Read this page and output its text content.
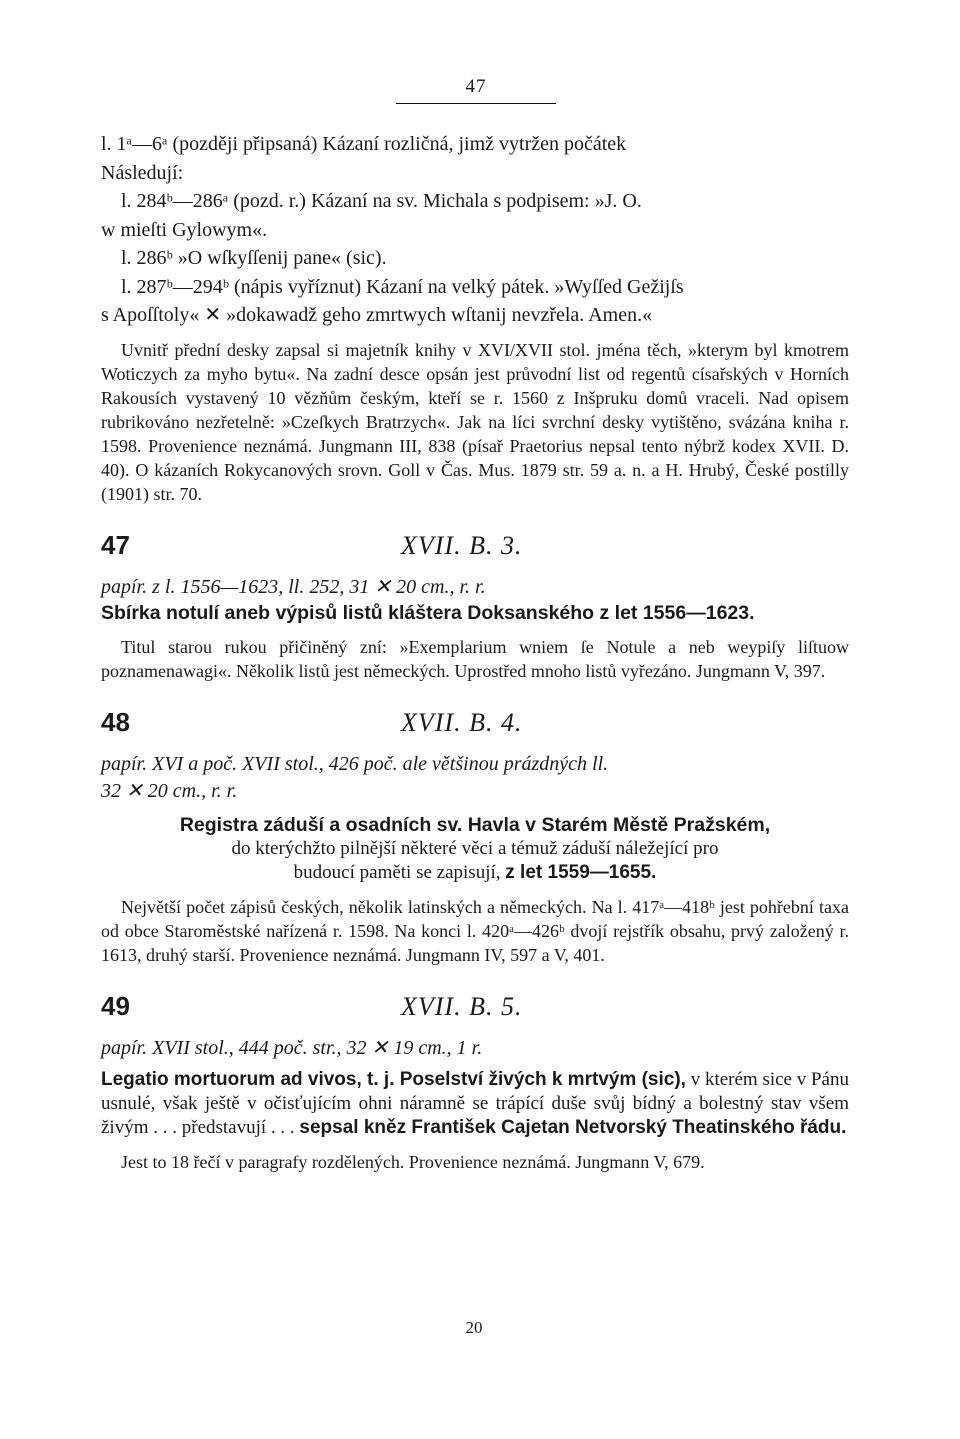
47

l. 1ᵃ—6ᵃ (později připsaná) Kázaní rozličná, jimž vytržen počátek

Následují:

l. 284ᵇ—286ᵃ (pozd. r.) Kázaní na sv. Michala s podpisem: »J. O.

w mieſti Gylowym«.

l. 286ᵇ »O wſkyſſenij pane« (sic).

l. 287ᵇ—294ᵇ (nápis vyříznut) Kázaní na velký pátek. »Wyſſed Gežijſs

s Apoſſtoly« ✕ »dokawadž geho zmrtwych wſtanij nevzřela. Amen.«

Uvnitř přední desky zapsal si majetník knihy v XVI/XVII stol. jména těch, »kterym byl kmotrem Woticzych za myho bytu«. Na zadní desce opsán jest průvodní list od regentů císařských v Horních Rakousích vystavený 10 vězňům českým, kteří se r. 1560 z Inšpruku domů vraceli. Nad opisem rubrikováno nezřetelně: »Czeſkych Bratrzych«. Jak na líci svrchní desky vytištěno, svázána kniha r. 1598. Provenience neznámá. Jungmann III, 838 (písař Praetorius nepsal tento nýbrž kodex XVII. D. 40). O kázaních Rokycanových srovn. Goll v Čas. Mus. 1879 str. 59 a. n. a H. Hrubý, České postilly (1901) str. 70.

47	XVII. B. 3.

papír. z l. 1556—1623, ll. 252, 31 ✕ 20 cm., r. r.

Sbírka notulí aneb výpisů listů kláštera Doksanského z let 1556—1623.

Titul starou rukou přičiněný zní: »Exemplarium wniem ſe Notule a neb weypiſy liſtuow poznamenawagi«. Několik listů jest německých. Uprostřed mnoho listů vyřezáno. Jungmann V, 397.

48	XVII. B. 4.

papír. XVI a poč. XVII stol., 426 poč. ale většinou prázdných ll.

32 ✕ 20 cm., r. r.

Registra záduší a osadních sv. Havla v Starém Městě Pražském,

do kterýchžto pilnější některé věci a témuž záduší náležející pro

budoucí paměti se zapisují, z let 1559—1655.

Největší počet zápisů českých, několik latinských a německých. Na l. 417ᵃ—418ᵇ jest pohřební taxa od obce Staroměstské nařízená r. 1598. Na konci l. 420ᵃ—426ᵇ dvojí rejstřík obsahu, prvý založený r. 1613, druhý starší. Provenience neznámá. Jungmann IV, 597 a V, 401.

49	XVII. B. 5.

papír. XVII stol., 444 poč. str., 32 ✕ 19 cm., 1 r.

Legatio mortuorum ad vivos, t. j. Poselství živých k mrtvým (sic), v kterém sice v Pánu usnulé, však ještě v očisťujícím ohni náramně se trápící duše svůj bídný a bolestný stav všem živým . . . představují . . . sepsal kněz František Cajetan Netvorský Theatinského řádu.

Jest to 18 řečí v paragrafy rozdělených. Provenience neznámá. Jungmann V, 679.

20
